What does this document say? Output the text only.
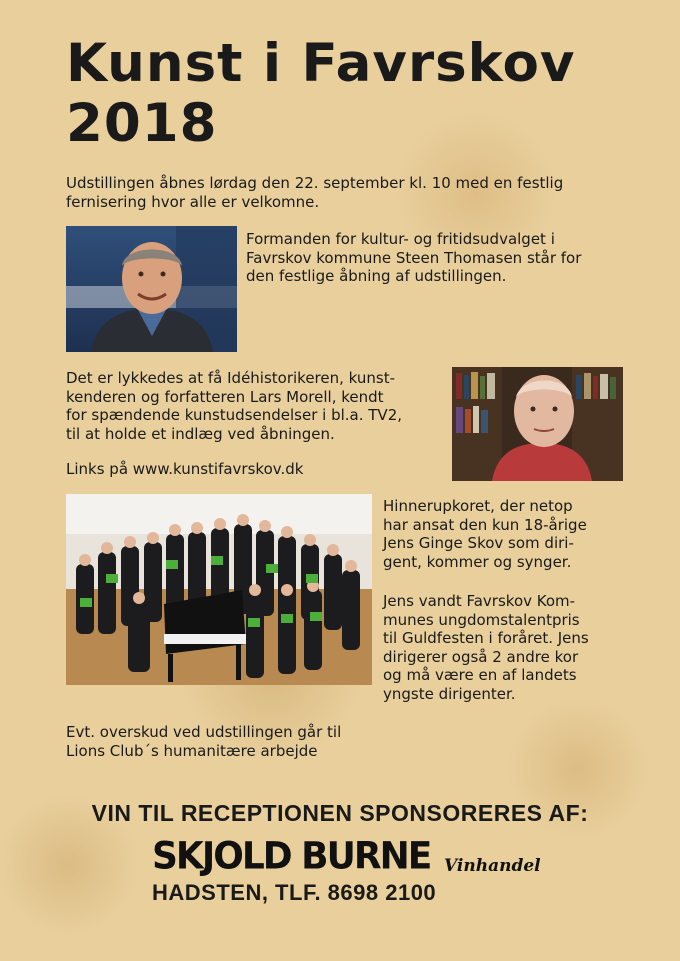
Kunst i Favrskov
2018
Udstillingen åbnes lørdag den 22. september kl. 10 med en festlig
fernisering hvor alle er velkomne.
Formanden for kultur- og fritidsudvalget i
Favrskov kommune Steen Thomasen står for
den festlige åbning af udstillingen.
Det er lykkedes at få Idéhistorikeren, kunst-
kenderen og forfatteren Lars Morell, kendt
for spændende kunstudsendelser i bl.a. TV2,
til at holde et indlæg ved åbningen.
Links på www.kunstifavrskov.dk
Hinnerupkoret, der netop
har ansat den kun 18-årige
Jens Ginge Skov som diri-
gent, kommer og synger.
Jens vandt Favrskov Kom-
munes ungdomstalentpris
til Guldfesten i foråret. Jens
dirigerer også 2 andre kor
og må være en af landets
yngste dirigenter.
Evt. overskud ved udstillingen går til
Lions Club´s humanitære arbejde
VIN TIL RECEPTIONEN SPONSORERES AF:
SKJOLD BURNE Vinhandel
HADSTEN, TLF. 8698 2100
